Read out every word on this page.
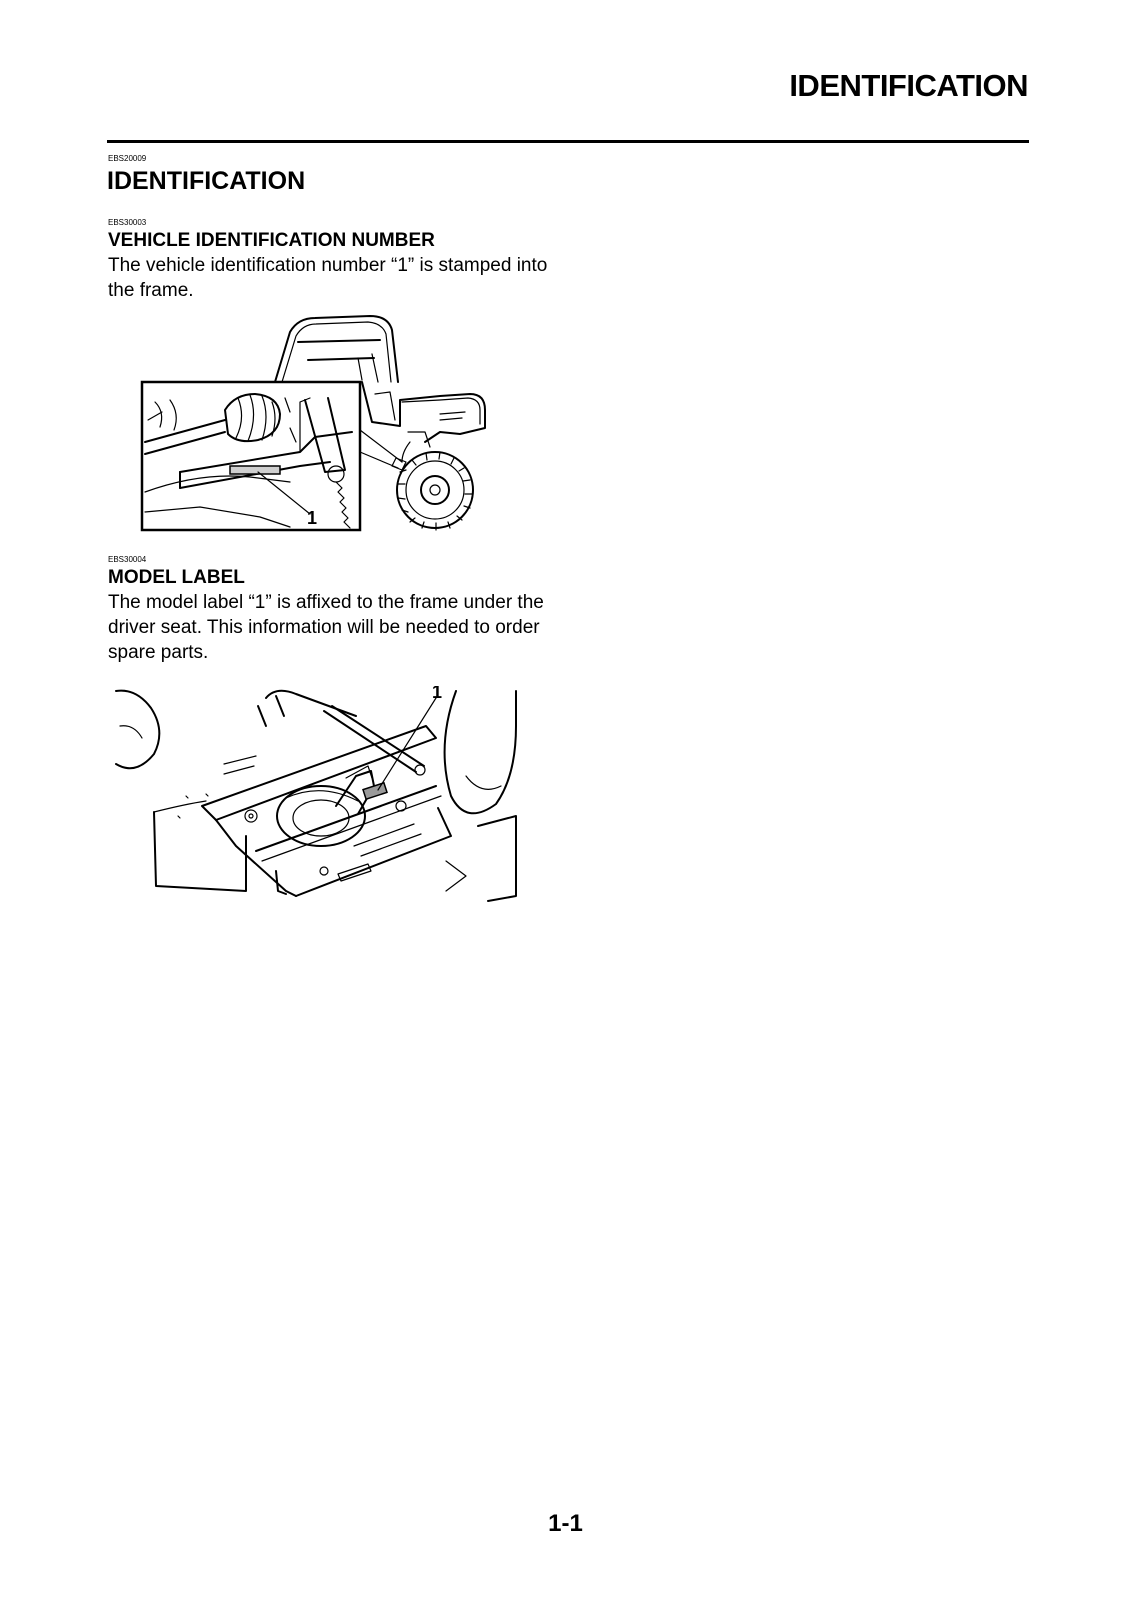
IDENTIFICATION
EBS20009
IDENTIFICATION
EBS30003
VEHICLE IDENTIFICATION NUMBER
The vehicle identification number “1” is stamped into the frame.
1
EBS30004
MODEL LABEL
The model label “1” is affixed to the frame under the driver seat. This information will be needed to order spare parts.
1
1-1
